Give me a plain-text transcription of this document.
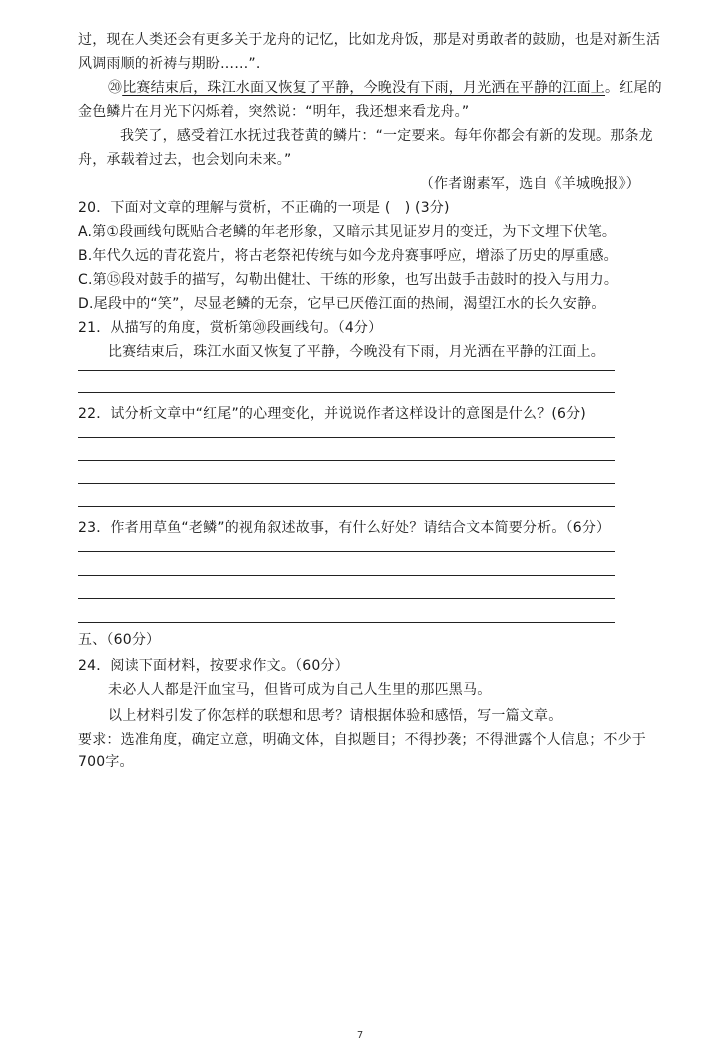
过，现在人类还会有更多关于龙舟的记忆，比如龙舟饭，那是对勇敢者的鼓励，也是对新生活
风调雨顺的祈祷与期盼……”.
⑳比赛结束后，珠江水面又恢复了平静，今晚没有下雨，月光洒在平静的江面上。红尾的
金色鳞片在月光下闪烁着，突然说：“明年，我还想来看龙舟。”
我笑了，感受着江水抚过我苍黄的鳞片：“一定要来。每年你都会有新的发现。那条龙
舟，承载着过去，也会划向未来。”
（作者谢素军，选自《羊城晚报》）
20．下面对文章的理解与赏析，不正确的一项是 (　) (3分)
A.第①段画线句既贴合老鳞的年老形象，又暗示其见证岁月的变迁，为下文埋下伏笔。
B.年代久远的青花瓷片，将古老祭祀传统与如今龙舟赛事呼应，增添了历史的厚重感。
C.第⑮段对鼓手的描写，勾勒出健壮、干练的形象，也写出鼓手击鼓时的投入与用力。
D.尾段中的“笑”，尽显老鳞的无奈，它早已厌倦江面的热闹，渴望江水的长久安静。
21．从描写的角度，赏析第⑳段画线句。（4分）
比赛结束后，珠江水面又恢复了平静，今晚没有下雨，月光洒在平静的江面上。
22．试分析文章中“红尾”的心理变化，并说说作者这样设计的意图是什么？(6分)
23．作者用草鱼“老鳞”的视角叙述故事，有什么好处？请结合文本简要分析。（6分）
五、（60分）
24．阅读下面材料，按要求作文。（60分）
未必人人都是汗血宝马，但皆可成为自己人生里的那匹黑马。
以上材料引发了你怎样的联想和思考？请根据体验和感悟，写一篇文章。
要求：选准角度，确定立意，明确文体，自拟题目；不得抄袭；不得泄露个人信息；不少于
700字。
7
